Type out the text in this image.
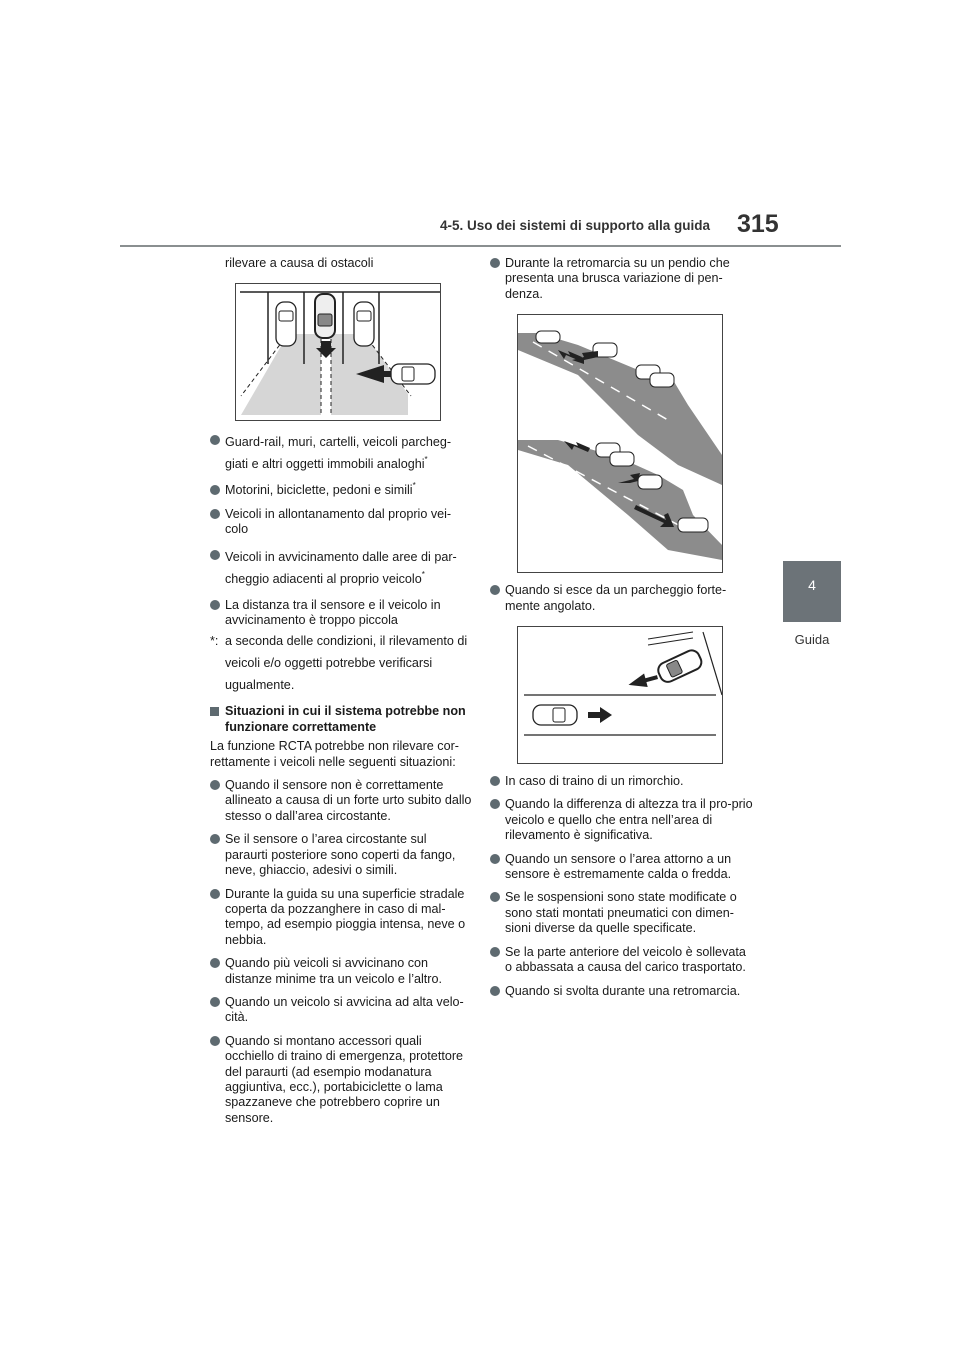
4-5. Uso dei sistemi di supporto alla guida 315
4
Guida

rilevare a causa di ostacoli

Guard-rail, muri, cartelli, veicoli parcheg-giati e altri oggetti immobili analoghi*
Motorini, biciclette, pedoni e simili*
Veicoli in allontanamento dal proprio vei-colo
Veicoli in avvicinamento dalle aree di par-cheggio adiacenti al proprio veicolo*
La distanza tra il sensore e il veicolo in avvicinamento è troppo piccola
*: a seconda delle condizioni, il rilevamento di veicoli e/o oggetti potrebbe verificarsi ugualmente.
Situazioni in cui il sistema potrebbe non funzionare correttamente

La funzione RCTA potrebbe non rilevare cor-rettamente i veicoli nelle seguenti situazioni:

Quando il sensore non è correttamente allineato a causa di un forte urto subito dallo stesso o dall’area circostante.
Se il sensore o l’area circostante sul paraurti posteriore sono coperti da fango, neve, ghiaccio, adesivi o simili.
Durante la guida su una superficie stradale coperta da pozzanghere in caso di mal-tempo, ad esempio pioggia intensa, neve o nebbia.
Quando più veicoli si avvicinano con distanze minime tra un veicolo e l’altro.
Quando un veicolo si avvicina ad alta velo-cità.
Quando si montano accessori quali occhiello di traino di emergenza, protettore del paraurti (ad esempio modanatura aggiuntiva, ecc.), portabiciclette o lama spazzaneve che potrebbero coprire un sensore.
Durante la retromarcia su un pendio che presenta una brusca variazione di pen-denza.
Quando si esce da un parcheggio forte-mente angolato.
In caso di traino di un rimorchio.
Quando la differenza di altezza tra il pro-prio veicolo e quello che entra nell’area di rilevamento è significativa.
Quando un sensore o l’area attorno a un sensore è estremamente calda o fredda.
Se le sospensioni sono state modificate o sono stati montati pneumatici con dimen-sioni diverse da quelle specificate.
Se la parte anteriore del veicolo è sollevata o abbassata a causa del carico trasportato.
Quando si svolta durante una retromarcia.
